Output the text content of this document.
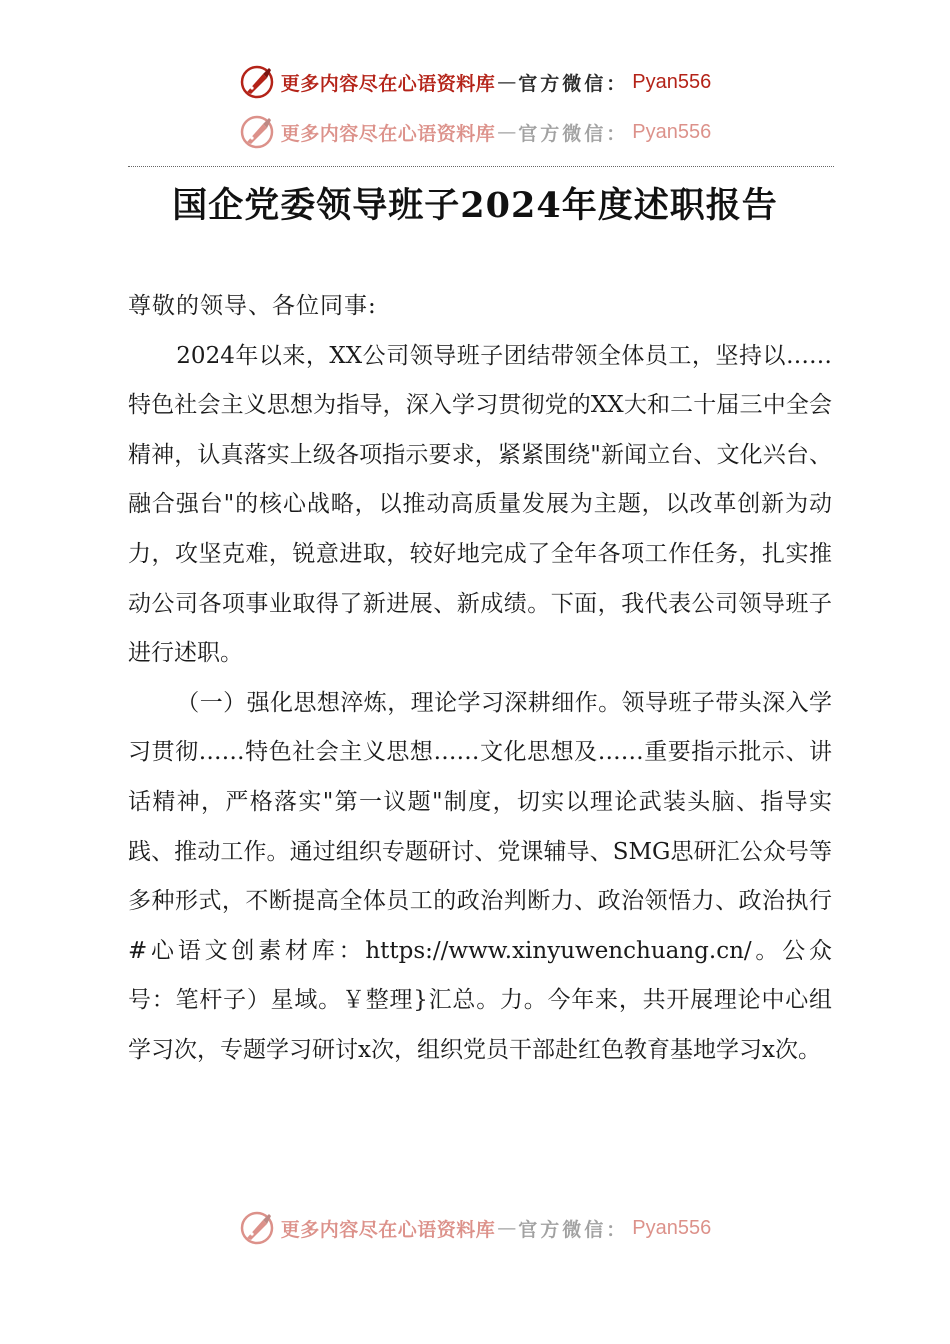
更多内容尽在心语资料库 — 官方微信： Pyan556
更多内容尽在心语资料库 — 官方微信： Pyan556
国企党委领导班子2024年度述职报告

尊敬的领导、各位同事:

2024年以来，XX公司领导班子团结带领全体员工，坚持以……特色社会主义思想为指导，深入学习贯彻党的XX大和二十届三中全会精神，认真落实上级各项指示要求，紧紧围绕"新闻立台、文化兴台、融合强台"的核心战略，以推动高质量发展为主题，以改革创新为动力，攻坚克难，锐意进取，较好地完成了全年各项工作任务，扎实推动公司各项事业取得了新进展、新成绩。下面，我代表公司领导班子进行述职。

（一）强化思想淬炼，理论学习深耕细作。领导班子带头深入学习贯彻……特色社会主义思想……文化思想及……重要指示批示、讲话精神，严格落实"第一议题"制度，切实以理论武装头脑、指导实践、推动工作。通过组织专题研讨、党课辅导、SMG思研汇公众号等多种形式，不断提高全体员工的政治判断力、政治领悟力、政治执行#心语文创素材库：https://www.xinyuwenchuang.cn/。公众号：笔杆子）星域。￥整理}汇总。力。今年来，共开展理论中心组学习次，专题学习研讨x次，组织党员干部赴红色教育基地学习x次。

更多内容尽在心语资料库 — 官方微信： Pyan556
